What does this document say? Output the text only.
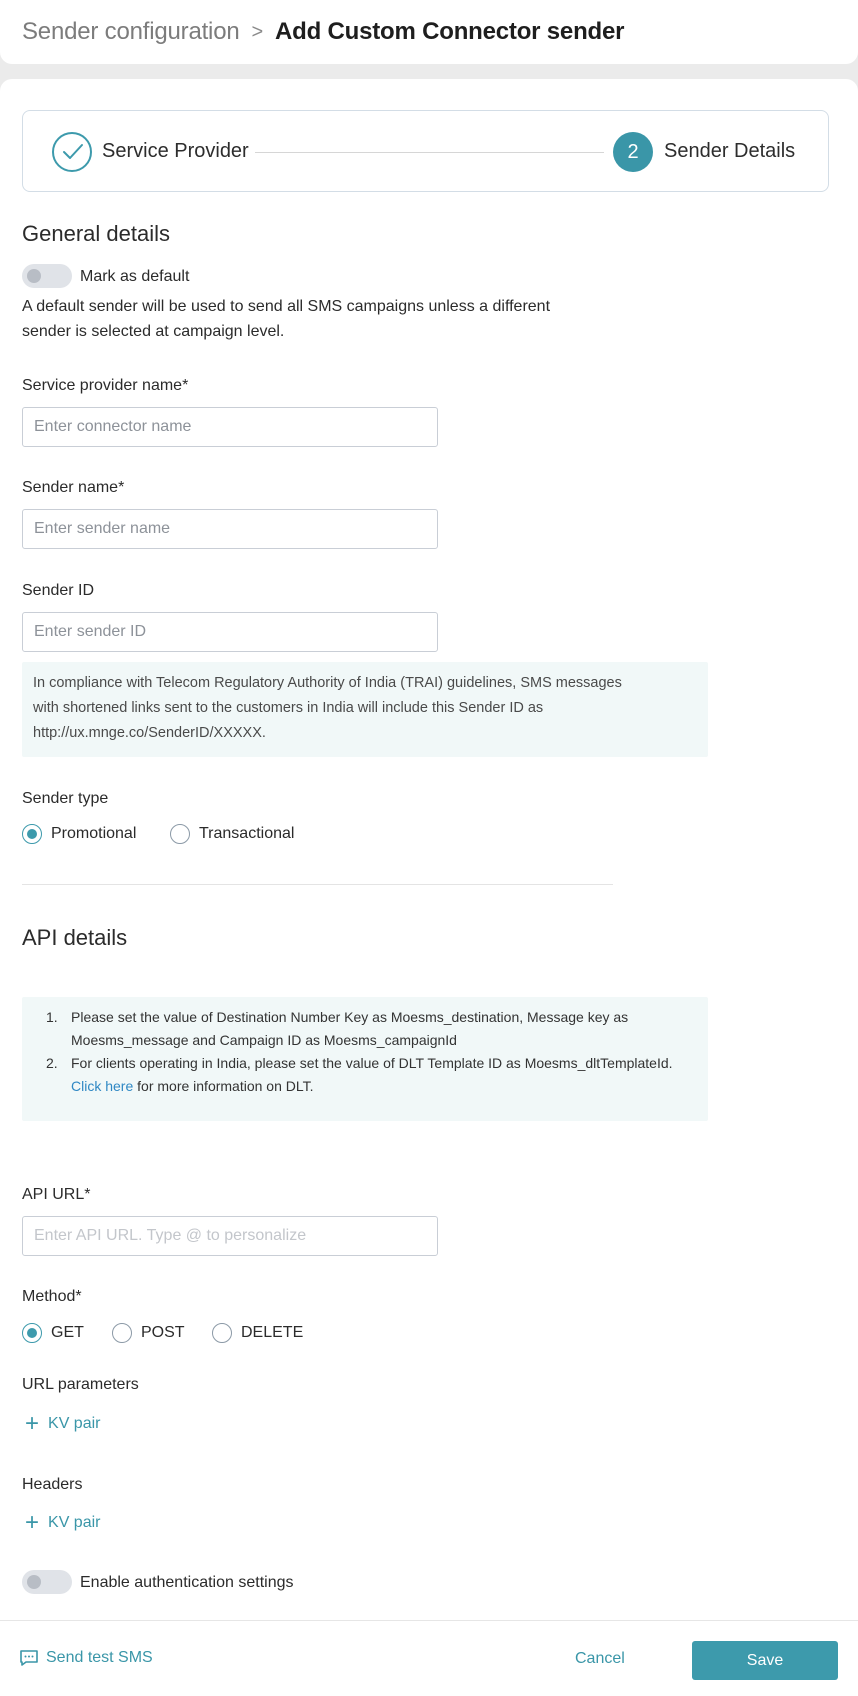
Sender configuration > Add Custom Connector sender
Service Provider	2	Sender Details
General details
Mark as default
A default sender will be used to send all SMS campaigns unless a different
sender is selected at campaign level.
Service provider name*
Enter connector name
Sender name*
Enter sender name
Sender ID
Enter sender ID
In compliance with Telecom Regulatory Authority of India (TRAI) guidelines, SMS messages
with shortened links sent to the customers in India will include this Sender ID as
http://ux.mnge.co/SenderID/XXXXX.
Sender type
Promotional	Transactional
API details
1. Please set the value of Destination Number Key as Moesms_destination, Message key as
Moesms_message and Campaign ID as Moesms_campaignId
2. For clients operating in India, please set the value of DLT Template ID as Moesms_dltTemplateId.
Click here for more information on DLT.
API URL*
Enter API URL. Type @ to personalize
Method*
GET	POST	DELETE
URL parameters
+ KV pair
Headers
+ KV pair
Enable authentication settings
Send test SMS	Cancel	Save
